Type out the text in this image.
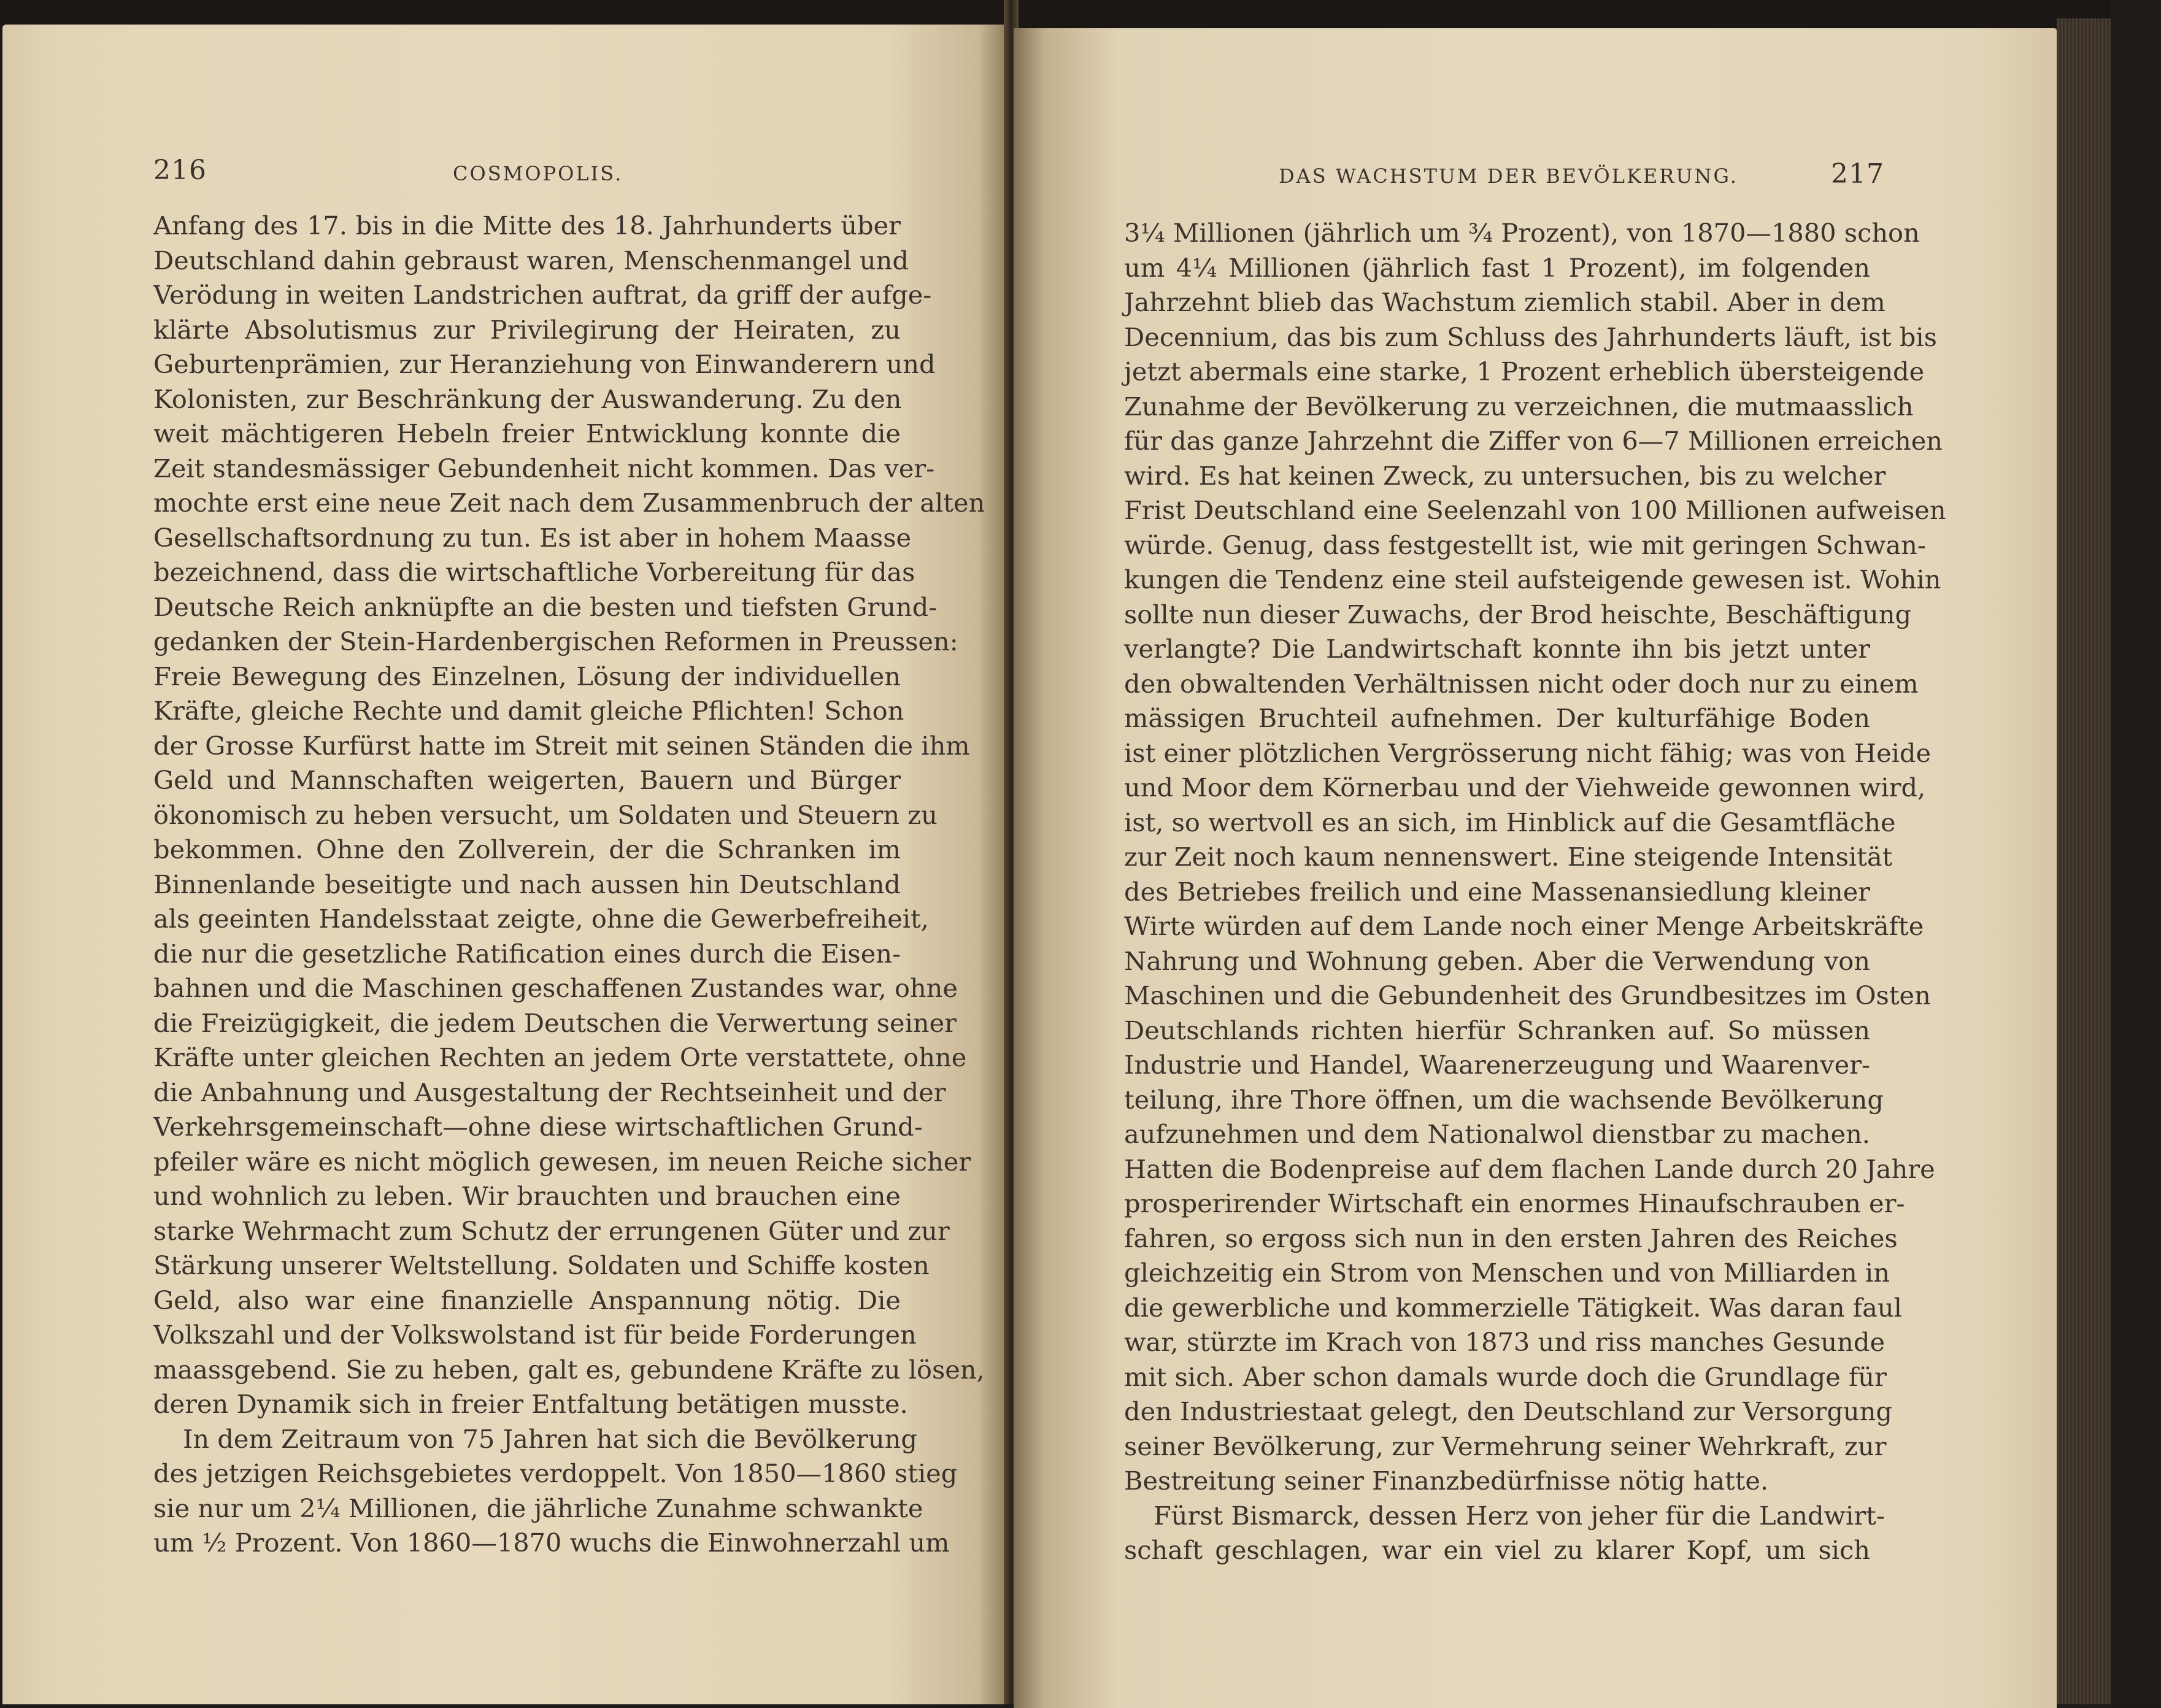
216	COSMOPOLIS.
Anfang des 17. bis in die Mitte des 18. Jahrhunderts über
Deutschland dahin gebraust waren, Menschenmangel und
Verödung in weiten Landstrichen auftrat, da griff der aufge-
klärte Absolutismus zur Privilegirung der Heiraten, zu
Geburtenprämien, zur Heranziehung von Einwanderern und
Kolonisten, zur Beschränkung der Auswanderung. Zu den
weit mächtigeren Hebeln freier Entwicklung konnte die
Zeit standesmässiger Gebundenheit nicht kommen. Das ver-
mochte erst eine neue Zeit nach dem Zusammenbruch der alten
Gesellschaftsordnung zu tun. Es ist aber in hohem Maasse
bezeichnend, dass die wirtschaftliche Vorbereitung für das
Deutsche Reich anknüpfte an die besten und tiefsten Grund-
gedanken der Stein-Hardenbergischen Reformen in Preussen:
Freie Bewegung des Einzelnen, Lösung der individuellen
Kräfte, gleiche Rechte und damit gleiche Pflichten! Schon
der Grosse Kurfürst hatte im Streit mit seinen Ständen die ihm
Geld und Mannschaften weigerten, Bauern und Bürger
ökonomisch zu heben versucht, um Soldaten und Steuern zu
bekommen. Ohne den Zollverein, der die Schranken im
Binnenlande beseitigte und nach aussen hin Deutschland
als geeinten Handelsstaat zeigte, ohne die Gewerbefreiheit,
die nur die gesetzliche Ratification eines durch die Eisen-
bahnen und die Maschinen geschaffenen Zustandes war, ohne
die Freizügigkeit, die jedem Deutschen die Verwertung seiner
Kräfte unter gleichen Rechten an jedem Orte verstattete, ohne
die Anbahnung und Ausgestaltung der Rechtseinheit und der
Verkehrsgemeinschaft—ohne diese wirtschaftlichen Grund-
pfeiler wäre es nicht möglich gewesen, im neuen Reiche sicher
und wohnlich zu leben. Wir brauchten und brauchen eine
starke Wehrmacht zum Schutz der errungenen Güter und zur
Stärkung unserer Weltstellung. Soldaten und Schiffe kosten
Geld, also war eine finanzielle Anspannung nötig. Die
Volkszahl und der Volkswolstand ist für beide Forderungen
maassgebend. Sie zu heben, galt es, gebundene Kräfte zu lösen,
deren Dynamik sich in freier Entfaltung betätigen musste.
In dem Zeitraum von 75 Jahren hat sich die Bevölkerung
des jetzigen Reichsgebietes verdoppelt. Von 1850—1860 stieg
sie nur um 2¼ Millionen, die jährliche Zunahme schwankte
um ½ Prozent. Von 1860—1870 wuchs die Einwohnerzahl um
DAS WACHSTUM DER BEVÖLKERUNG.	217
3¼ Millionen (jährlich um ¾ Prozent), von 1870—1880 schon
um 4¼ Millionen (jährlich fast 1 Prozent), im folgenden
Jahrzehnt blieb das Wachstum ziemlich stabil. Aber in dem
Decennium, das bis zum Schluss des Jahrhunderts läuft, ist bis
jetzt abermals eine starke, 1 Prozent erheblich übersteigende
Zunahme der Bevölkerung zu verzeichnen, die mutmaasslich
für das ganze Jahrzehnt die Ziffer von 6—7 Millionen erreichen
wird. Es hat keinen Zweck, zu untersuchen, bis zu welcher
Frist Deutschland eine Seelenzahl von 100 Millionen aufweisen
würde. Genug, dass festgestellt ist, wie mit geringen Schwan-
kungen die Tendenz eine steil aufsteigende gewesen ist. Wohin
sollte nun dieser Zuwachs, der Brod heischte, Beschäftigung
verlangte? Die Landwirtschaft konnte ihn bis jetzt unter
den obwaltenden Verhältnissen nicht oder doch nur zu einem
mässigen Bruchteil aufnehmen. Der kulturfähige Boden
ist einer plötzlichen Vergrösserung nicht fähig; was von Heide
und Moor dem Körnerbau und der Viehweide gewonnen wird,
ist, so wertvoll es an sich, im Hinblick auf die Gesamtfläche
zur Zeit noch kaum nennenswert. Eine steigende Intensität
des Betriebes freilich und eine Massenansiedlung kleiner
Wirte würden auf dem Lande noch einer Menge Arbeitskräfte
Nahrung und Wohnung geben. Aber die Verwendung von
Maschinen und die Gebundenheit des Grundbesitzes im Osten
Deutschlands richten hierfür Schranken auf. So müssen
Industrie und Handel, Waarenerzeugung und Waarenver-
teilung, ihre Thore öffnen, um die wachsende Bevölkerung
aufzunehmen und dem Nationalwol dienstbar zu machen.
Hatten die Bodenpreise auf dem flachen Lande durch 20 Jahre
prosperirender Wirtschaft ein enormes Hinaufschrauben er-
fahren, so ergoss sich nun in den ersten Jahren des Reiches
gleichzeitig ein Strom von Menschen und von Milliarden in
die gewerbliche und kommerzielle Tätigkeit. Was daran faul
war, stürzte im Krach von 1873 und riss manches Gesunde
mit sich. Aber schon damals wurde doch die Grundlage für
den Industriestaat gelegt, den Deutschland zur Versorgung
seiner Bevölkerung, zur Vermehrung seiner Wehrkraft, zur
Bestreitung seiner Finanzbedürfnisse nötig hatte.
Fürst Bismarck, dessen Herz von jeher für die Landwirt-
schaft geschlagen, war ein viel zu klarer Kopf, um sich
